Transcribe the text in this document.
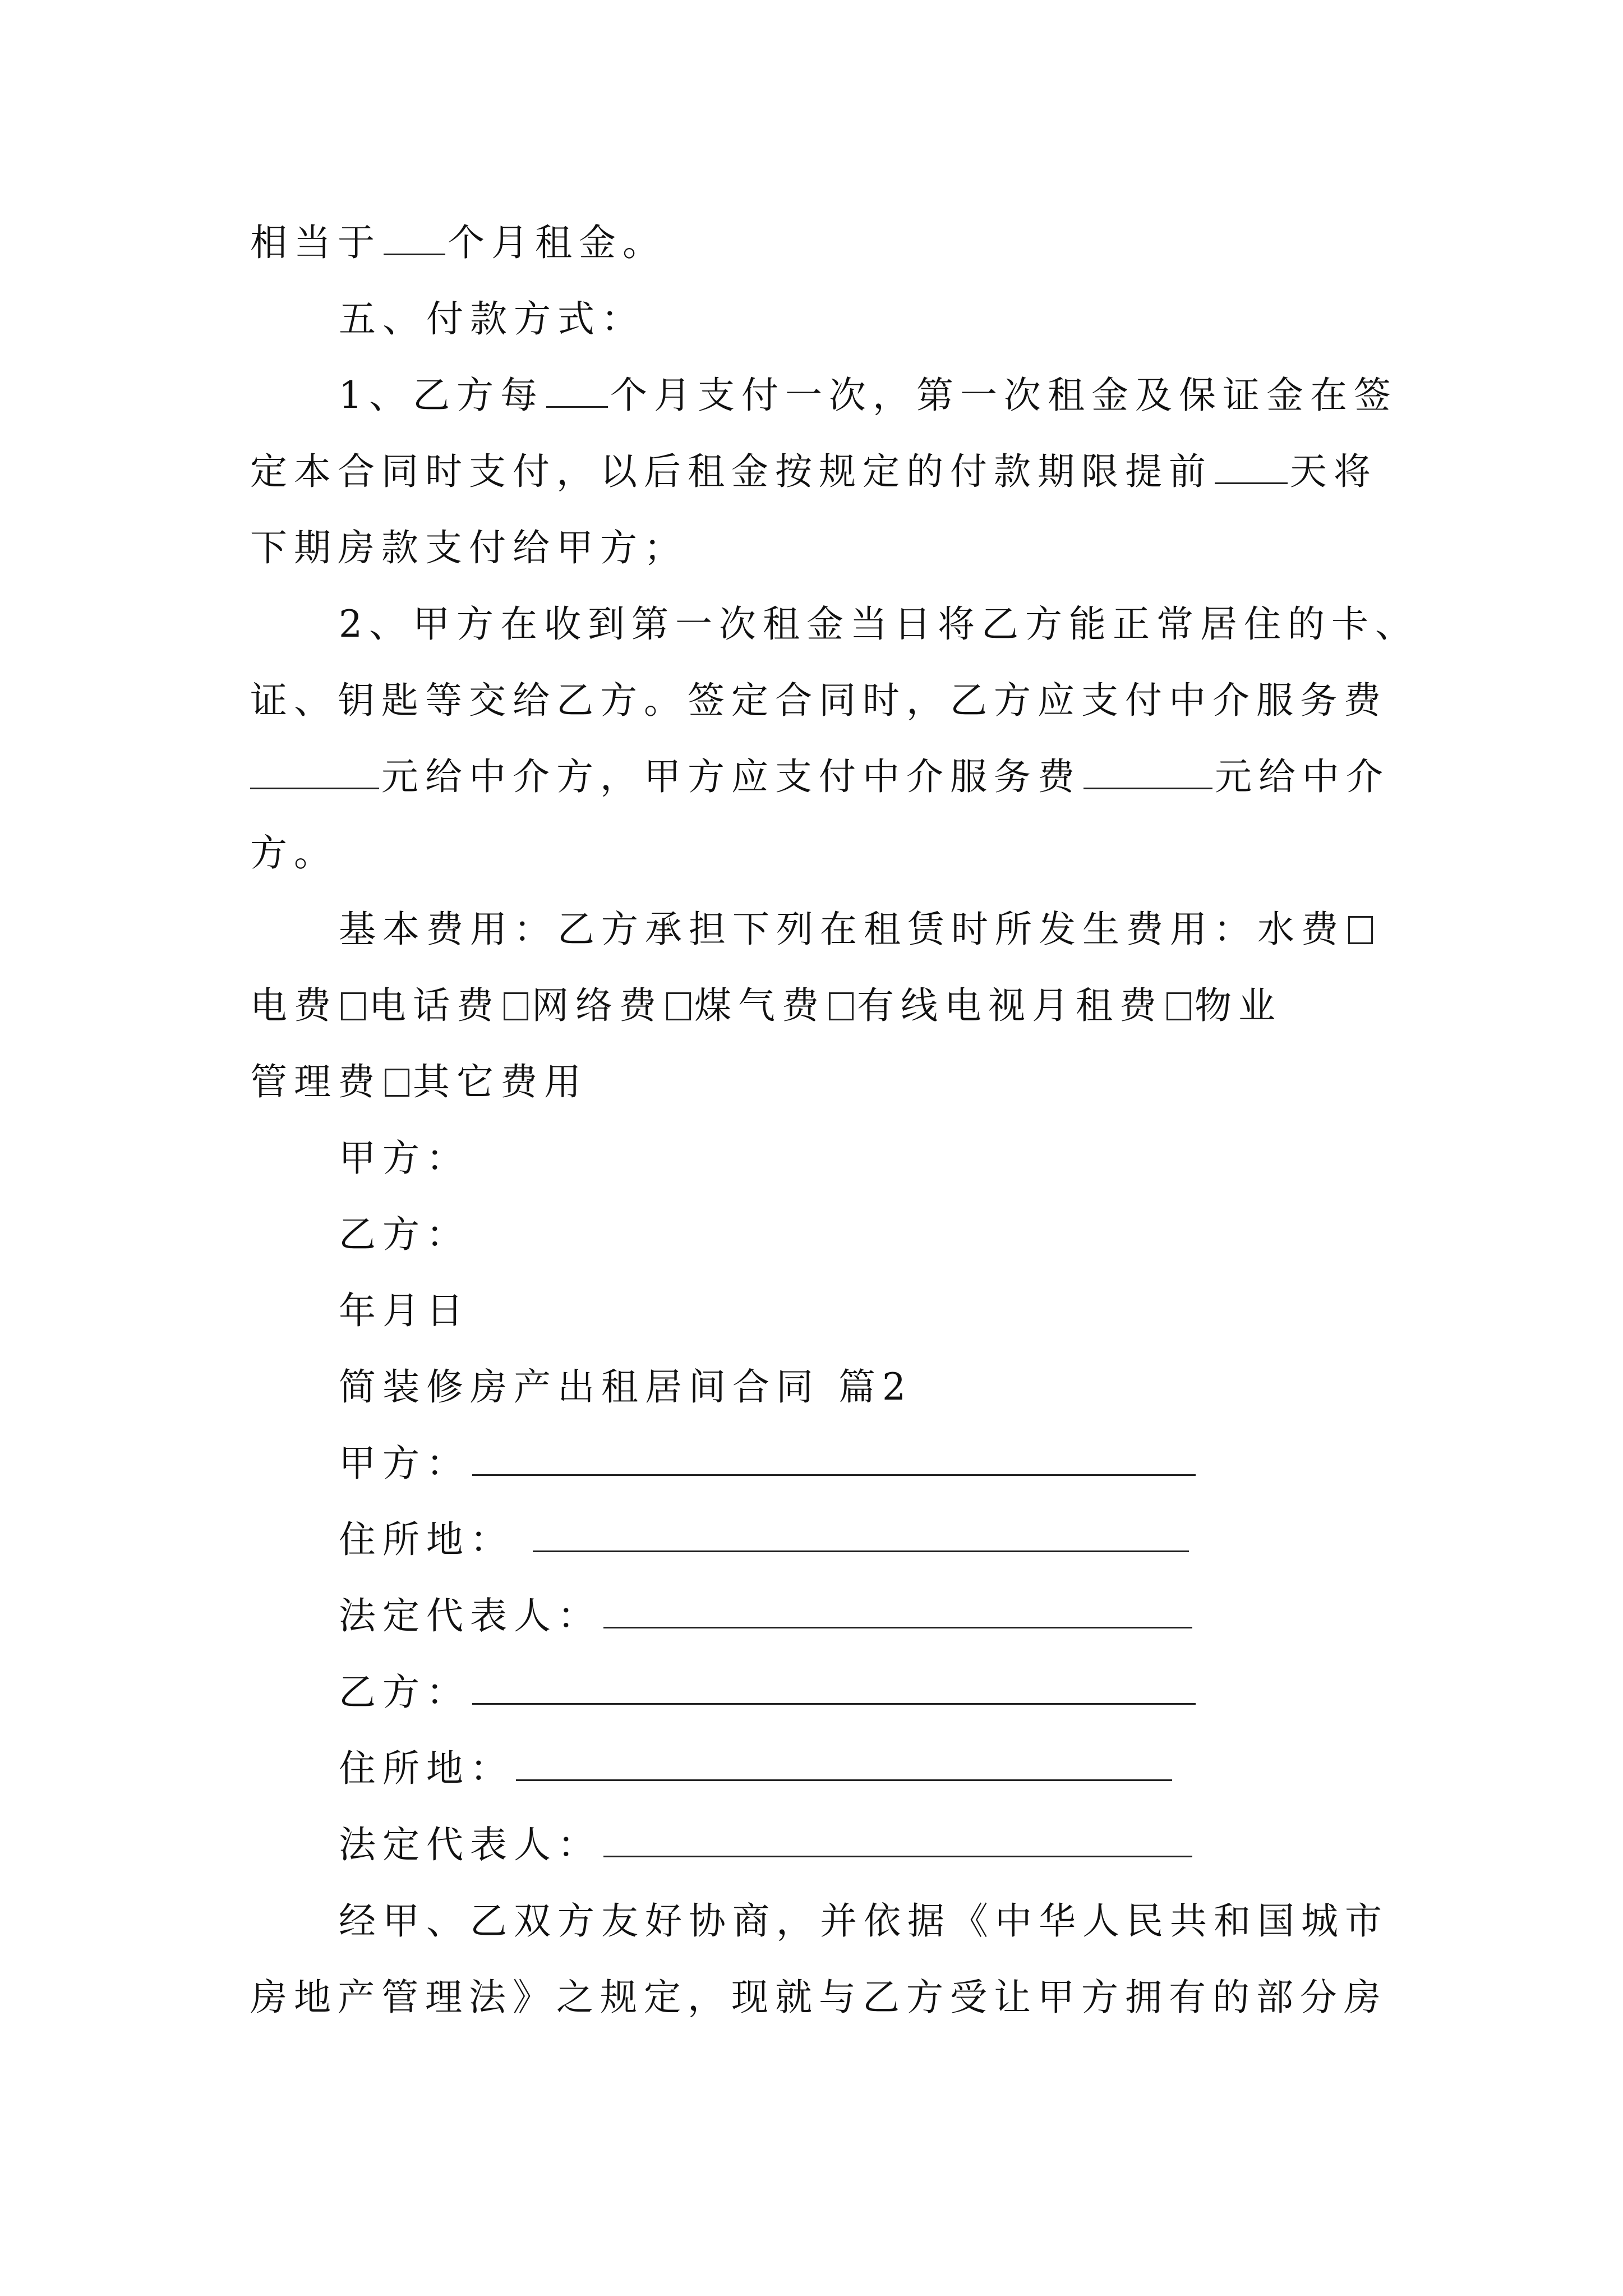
相当于 个月租金。
五、付款方式：
1、乙方每 个月支付一次，第一次租金及保证金在签
定本合同时支付，以后租金按规定的付款期限提前 天将
下期房款支付给甲方；
2、甲方在收到第一次租金当日将乙方能正常居住的卡、
证、钥匙等交给乙方。签定合同时，乙方应支付中介服务费
元给中介方，甲方应支付中介服务费	元给中介
方。
基本费用：乙方承担下列在租赁时所发生费用：水费
电费 电话费 网络费 煤气费 有线电视月租费 物业
管理费 其它费用
甲方：
乙方：
年月日
简装修房产出租居间合同 篇2
甲方：
住所地：
法定代表人：
乙方：
住所地：
法定代表人：
经甲、乙双方友好协商，并依据《中华人民共和国城市
房地产管理法》之规定，现就与乙方受让甲方拥有的部分房
